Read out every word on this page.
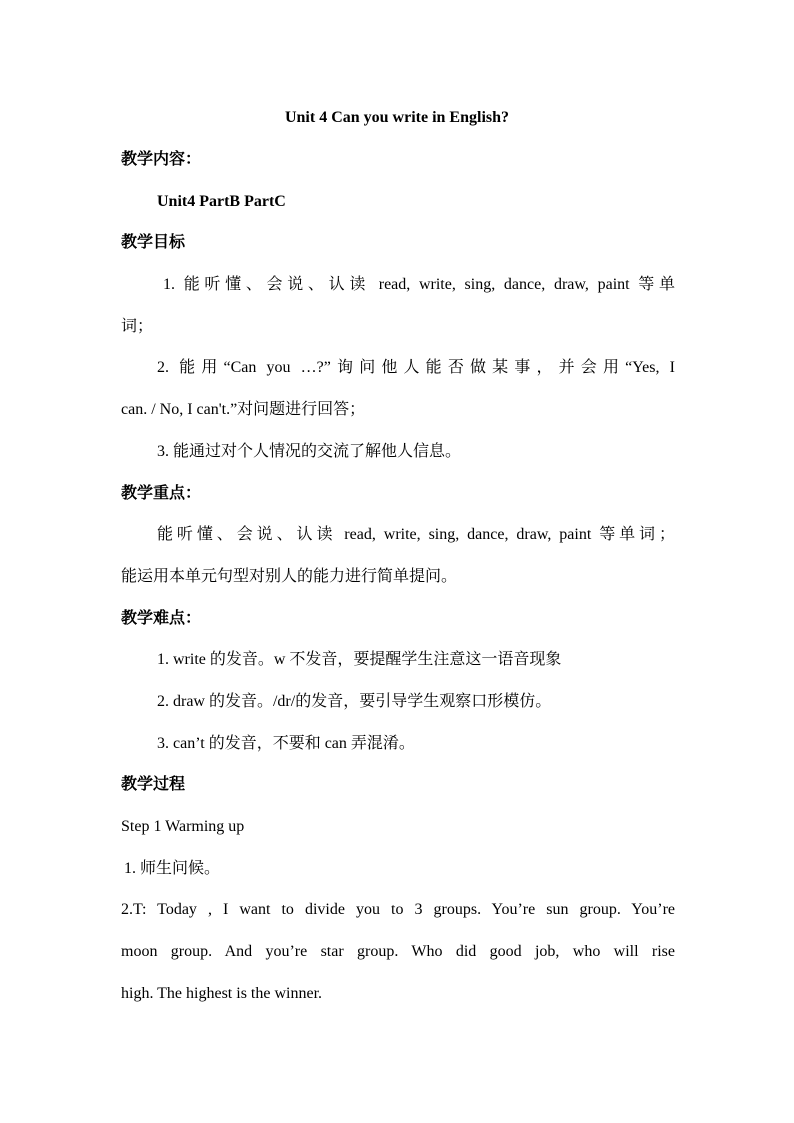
Unit 4 Can you write in English?
教学内容：
Unit4 PartB PartC
教学目标
1. 能听懂、会说、认读 read, write, sing, dance, draw, paint 等单
词；
2. 能用“Can you …?”询问他人能否做某事，并会用“Yes, I
can. / No, I can't.”对问题进行回答；
3. 能通过对个人情况的交流了解他人信息。
教学重点：
能听懂、会说、认读 read, write, sing, dance, draw, paint 等单词；
能运用本单元句型对别人的能力进行简单提问。
教学难点：
1. write 的发音。w 不发音，要提醒学生注意这一语音现象
2. draw 的发音。/dr/的发音，要引导学生观察口形模仿。
3. can’t 的发音，不要和 can 弄混淆。
教学过程
Step 1 Warming up
1. 师生问候。
2.T: Today , I want to divide you to 3 groups. You’re sun group. You’re
moon group. And you’re star group. Who did good job, who will rise
high. The highest is the winner.
